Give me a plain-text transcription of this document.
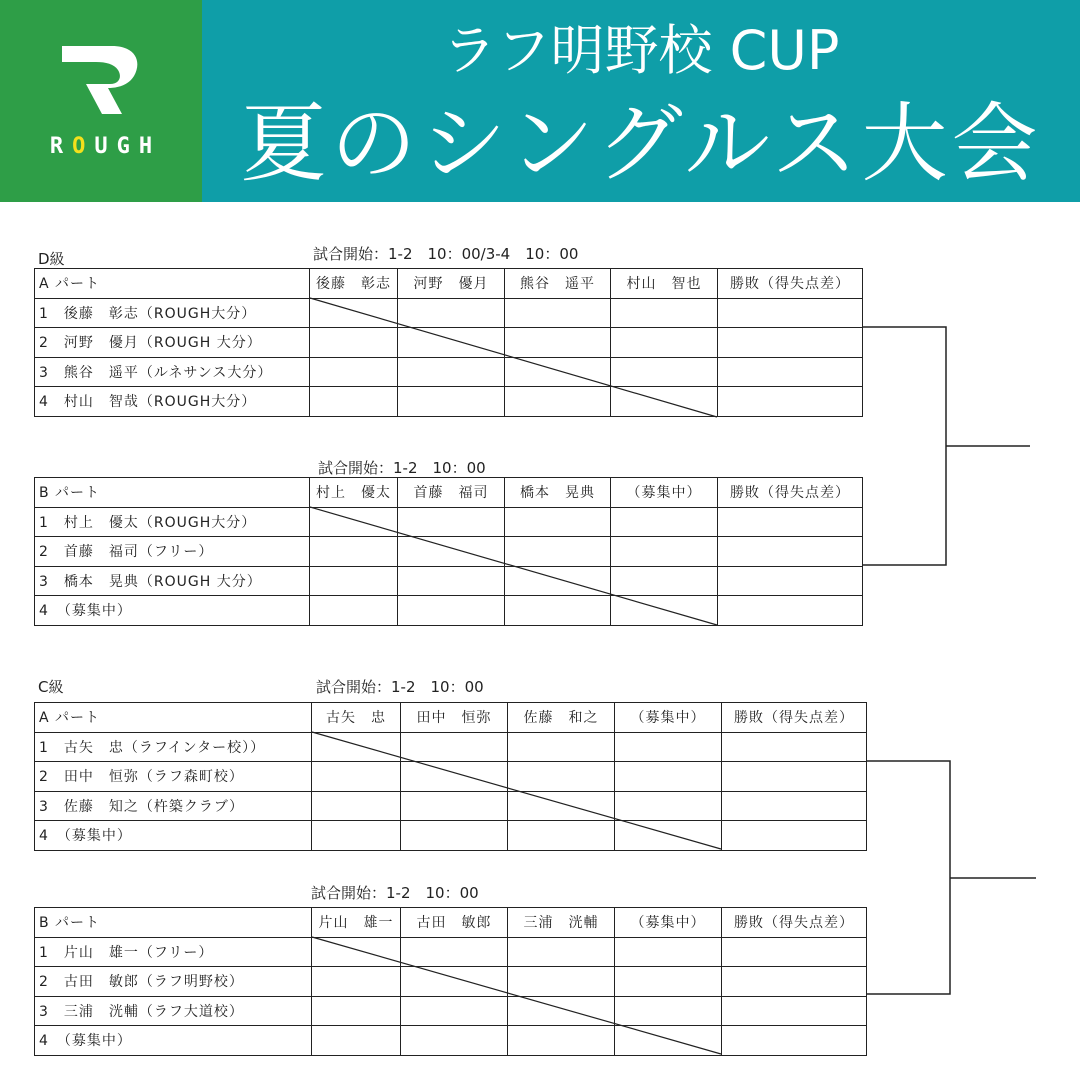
ROUGH
ラフ明野校 CUP
夏のシングルス大会
D級	試合開始：1-2　10：00/3-4　10：00
A パート	後藤　彰志	河野　優月	熊谷　遥平	村山　智也	勝敗（得失点差）
1　後藤　彰志（ROUGH大分）					
2　河野　優月（ROUGH 大分）					
3　熊谷　遥平（ルネサンス大分）					
4　村山　智哉（ROUGH大分）					
試合開始：1-2　10：00
B パート	村上　優太	首藤　福司	橋本　晃典	（募集中）	勝敗（得失点差）
1　村上　優太（ROUGH大分）					
2　首藤　福司（フリー）					
3　橋本　晃典（ROUGH 大分）					
4　（募集中）					
C級	試合開始：1-2　10：00
A パート	古矢　忠	田中　恒弥	佐藤　和之	（募集中）	勝敗（得失点差）
1　古矢　忠（ラフインター校））					
2　田中　恒弥（ラフ森町校）					
3　佐藤　知之（杵築クラブ）					
4　（募集中）					
試合開始：1-2　10：00
B パート	片山　雄一	古田　敏郎	三浦　洸輔	（募集中）	勝敗（得失点差）
1　片山　雄一（フリー）					
2　古田　敏郎（ラフ明野校）					
3　三浦　洸輔（ラフ大道校）					
4　（募集中）					
